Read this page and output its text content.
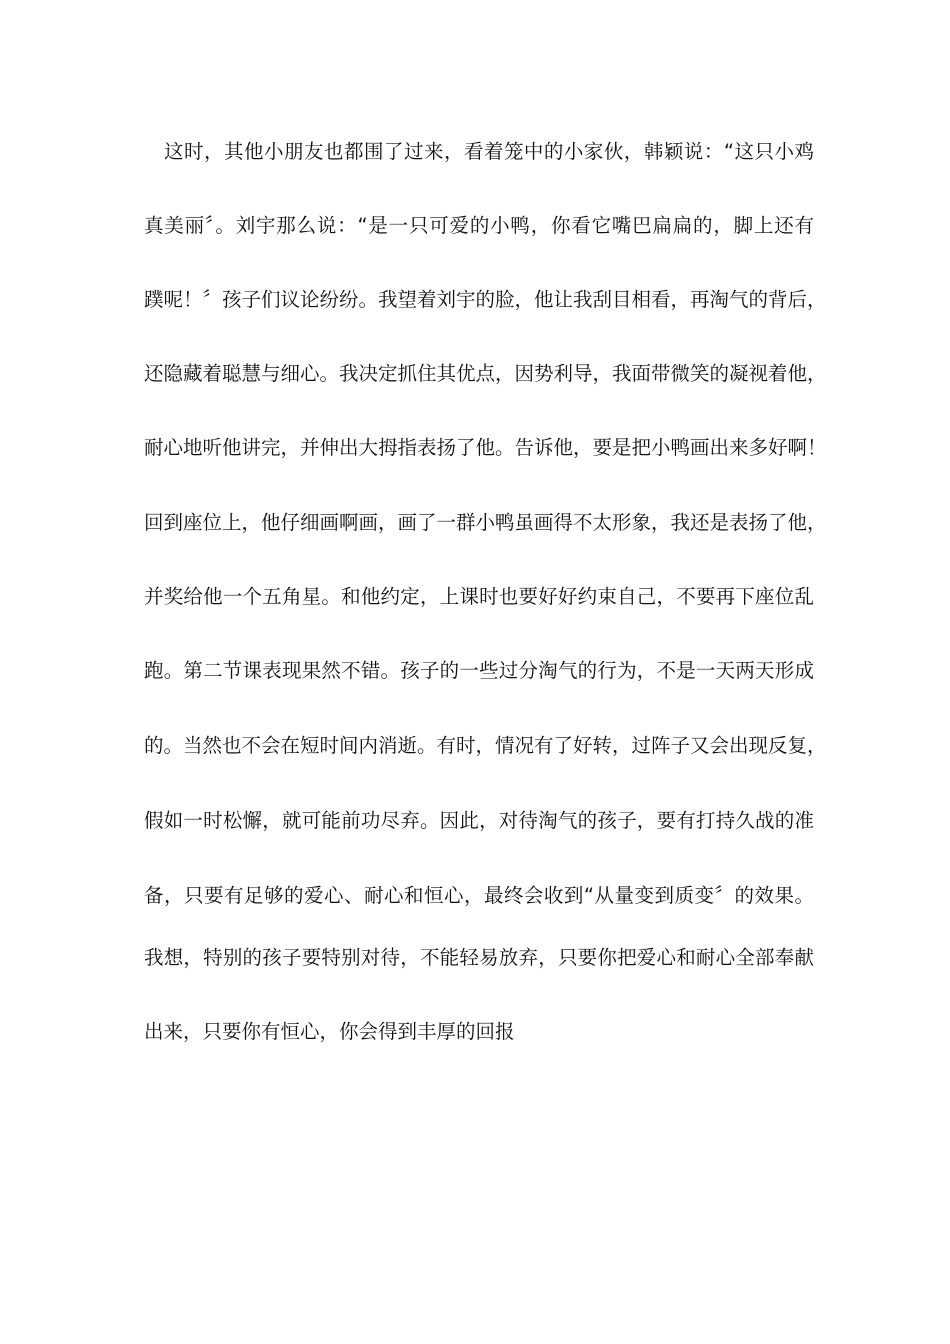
　这时，其他小朋友也都围了过来，看着笼中的小家伙，韩颖说：“这只小鸡
真美丽〞。刘宇那么说：“是一只可爱的小鸭，你看它嘴巴扁扁的，脚上还有
蹼呢！〞孩子们议论纷纷。我望着刘宇的脸，他让我刮目相看，再淘气的背后，
还隐藏着聪慧与细心。我决定抓住其优点，因势利导，我面带微笑的凝视着他，
耐心地听他讲完，并伸出大拇指表扬了他。告诉他，要是把小鸭画出来多好啊！
回到座位上，他仔细画啊画，画了一群小鸭虽画得不太形象，我还是表扬了他，
并奖给他一个五角星。和他约定，上课时也要好好约束自己，不要再下座位乱
跑。第二节课表现果然不错。孩子的一些过分淘气的行为，不是一天两天形成
的。当然也不会在短时间内消逝。有时，情况有了好转，过阵子又会出现反复，
假如一时松懈，就可能前功尽弃。因此，对待淘气的孩子，要有打持久战的准
备，只要有足够的爱心、耐心和恒心，最终会收到“从量变到质变〞的效果。
我想，特别的孩子要特别对待，不能轻易放弃，只要你把爱心和耐心全部奉献
出来，只要你有恒心，你会得到丰厚的回报
